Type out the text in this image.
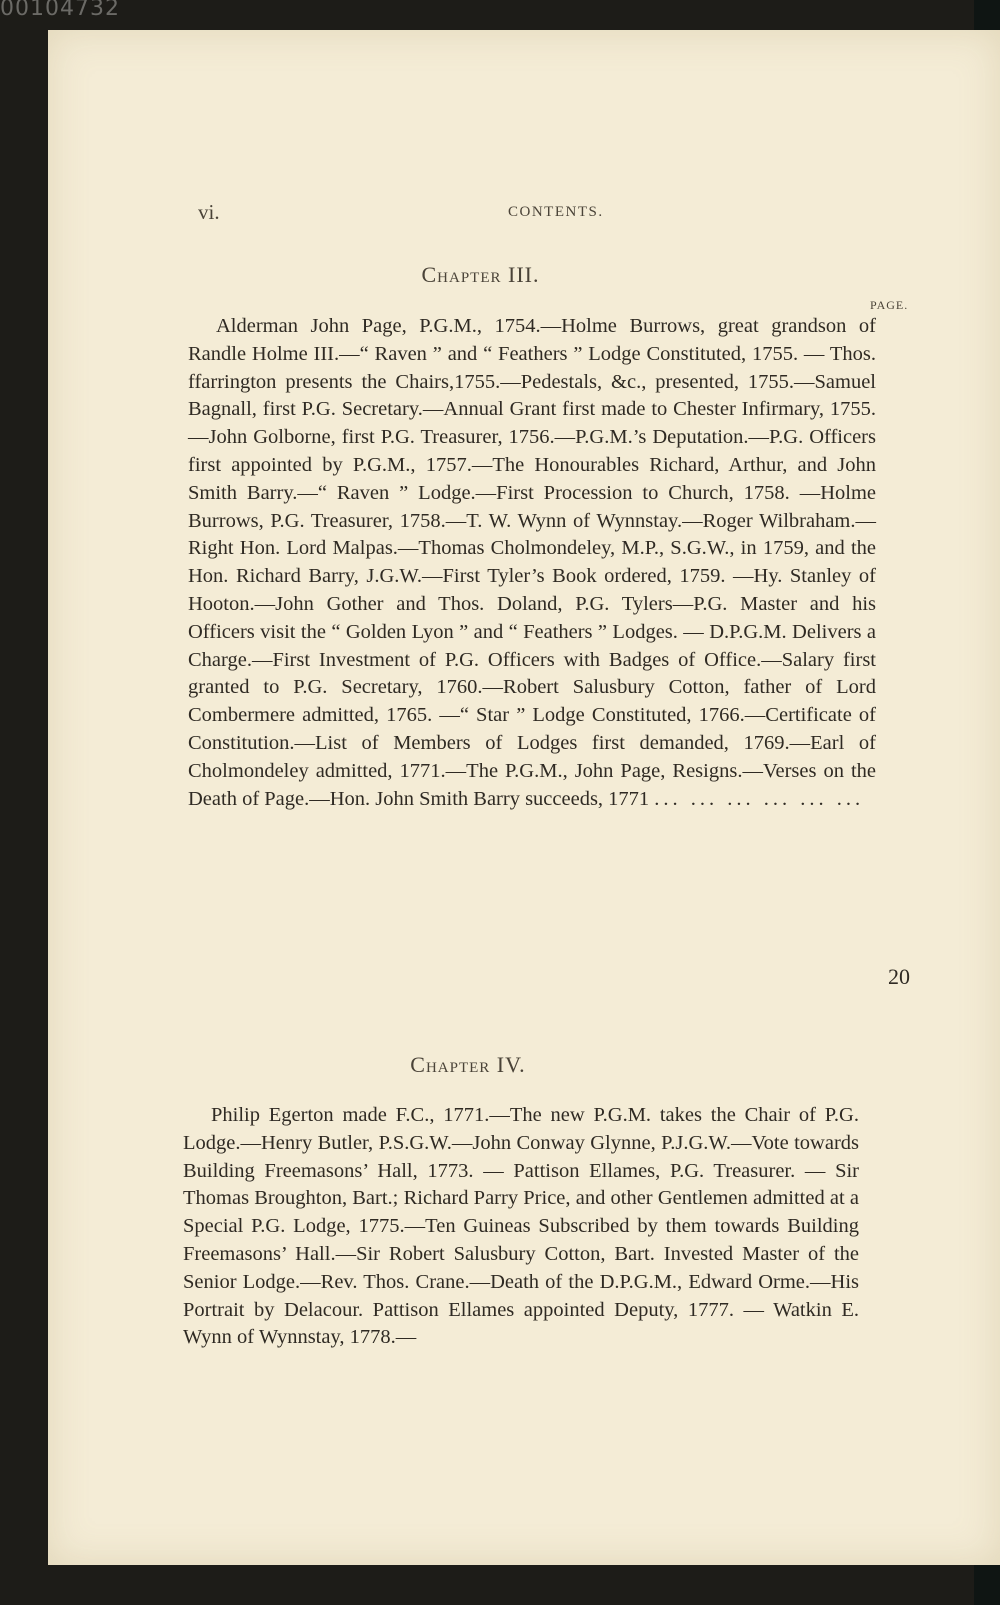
00104732
vi.	CONTENTS.
Chapter III.
PAGE.
Alderman John Page, P.G.M., 1754.—Holme Burrows, great grandson of Randle Holme III.—“ Raven ” and “ Feathers ” Lodge Constituted, 1755. — Thos. ffarrington presents the Chairs,1755.—Pedestals, &c., presented, 1755.—Samuel Bagnall, first P.G. Secretary.—Annual Grant first made to Chester Infirmary, 1755.—John Golborne, first P.G. Treasurer, 1756.—P.G.M.’s Deputation.—P.G. Officers first appointed by P.G.M., 1757.—The Honourables Richard, Arthur, and John Smith Barry.—“ Raven ” Lodge.—First Procession to Church, 1758. —Holme Burrows, P.G. Treasurer, 1758.—T. W. Wynn of Wynnstay.—Roger Wilbraham.—Right Hon. Lord Malpas.—Thomas Cholmondeley, M.P., S.G.W., in 1759, and the Hon. Richard Barry, J.G.W.—First Tyler’s Book ordered, 1759. —Hy. Stanley of Hooton.—John Gother and Thos. Doland, P.G. Tylers—P.G. Master and his Officers visit the “ Golden Lyon ” and “ Feathers ” Lodges. — D.P.G.M. Delivers a Charge.—First Investment of P.G. Officers with Badges of Office.—Salary first granted to P.G. Secretary, 1760.—Robert Salusbury Cotton, father of Lord Combermere admitted, 1765. —“ Star ” Lodge Constituted, 1766.—Certificate of Constitution.—List of Members of Lodges first demanded, 1769.—Earl of Cholmondeley admitted, 1771.—The P.G.M., John Page, Resigns.—Verses on the Death of Page.—Hon. John Smith Barry succeeds, 1771 ... ... ... ... ... ...
20
Chapter IV.
Philip Egerton made F.C., 1771.—The new P.G.M. takes the Chair of P.G. Lodge.—Henry Butler, P.S.G.W.—John Conway Glynne, P.J.G.W.—Vote towards Building Freemasons’ Hall, 1773. — Pattison Ellames, P.G. Treasurer. — Sir Thomas Broughton, Bart.; Richard Parry Price, and other Gentlemen admitted at a Special P.G. Lodge, 1775.—Ten Guineas Subscribed by them towards Building Freemasons’ Hall.—Sir Robert Salusbury Cotton, Bart. Invested Master of the Senior Lodge.—Rev. Thos. Crane.—Death of the D.P.G.M., Edward Orme.—His Portrait by Delacour. Pattison Ellames appointed Deputy, 1777. — Watkin E. Wynn of Wynnstay, 1778.—
